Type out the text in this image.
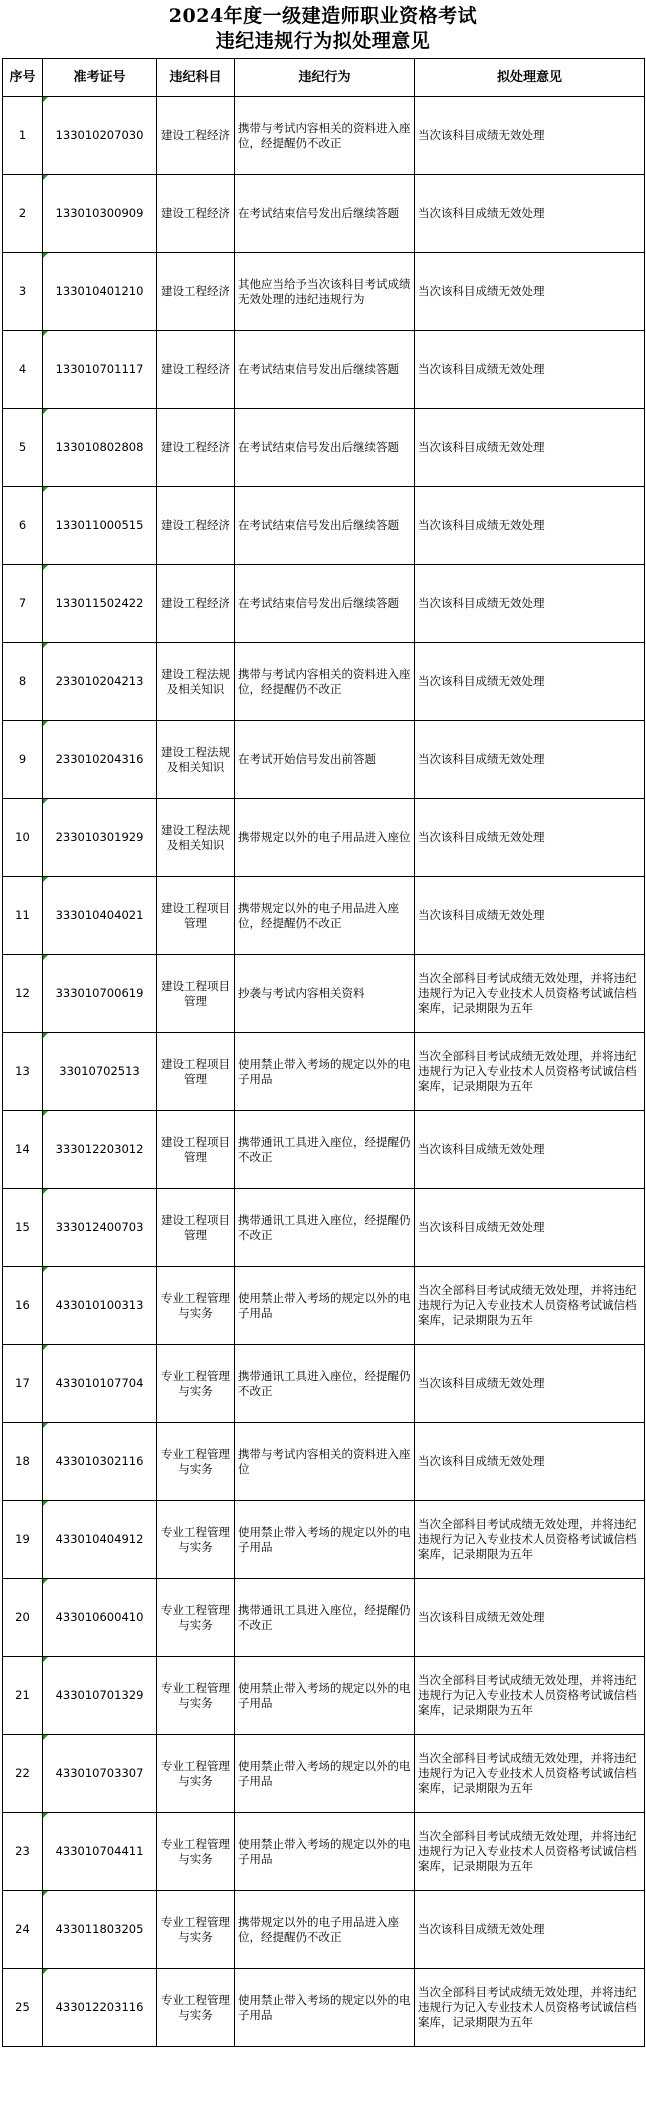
2024年度一级建造师职业资格考试
违纪违规行为拟处理意见
序号	准考证号	违纪科目	违纪行为	拟处理意见
1	133010207030	建设工程经济	携带与考试内容相关的资料进入座位，经提醒仍不改正	当次该科目成绩无效处理
2	133010300909	建设工程经济	在考试结束信号发出后继续答题	当次该科目成绩无效处理
3	133010401210	建设工程经济	其他应当给予当次该科目考试成绩无效处理的违纪违规行为	当次该科目成绩无效处理
4	133010701117	建设工程经济	在考试结束信号发出后继续答题	当次该科目成绩无效处理
5	133010802808	建设工程经济	在考试结束信号发出后继续答题	当次该科目成绩无效处理
6	133011000515	建设工程经济	在考试结束信号发出后继续答题	当次该科目成绩无效处理
7	133011502422	建设工程经济	在考试结束信号发出后继续答题	当次该科目成绩无效处理
8	233010204213	建设工程法规及相关知识	携带与考试内容相关的资料进入座位，经提醒仍不改正	当次该科目成绩无效处理
9	233010204316	建设工程法规及相关知识	在考试开始信号发出前答题	当次该科目成绩无效处理
10	233010301929	建设工程法规及相关知识	携带规定以外的电子用品进入座位	当次该科目成绩无效处理
11	333010404021	建设工程项目管理	携带规定以外的电子用品进入座位，经提醒仍不改正	当次该科目成绩无效处理
12	333010700619	建设工程项目管理	抄袭与考试内容相关资料	当次全部科目考试成绩无效处理，并将违纪违规行为记入专业技术人员资格考试诚信档案库，记录期限为五年
13	33010702513	建设工程项目管理	使用禁止带入考场的规定以外的电子用品	当次全部科目考试成绩无效处理，并将违纪违规行为记入专业技术人员资格考试诚信档案库，记录期限为五年
14	333012203012	建设工程项目管理	携带通讯工具进入座位，经提醒仍不改正	当次该科目成绩无效处理
15	333012400703	建设工程项目管理	携带通讯工具进入座位，经提醒仍不改正	当次该科目成绩无效处理
16	433010100313	专业工程管理与实务	使用禁止带入考场的规定以外的电子用品	当次全部科目考试成绩无效处理，并将违纪违规行为记入专业技术人员资格考试诚信档案库，记录期限为五年
17	433010107704	专业工程管理与实务	携带通讯工具进入座位，经提醒仍不改正	当次该科目成绩无效处理
18	433010302116	专业工程管理与实务	携带与考试内容相关的资料进入座位	当次该科目成绩无效处理
19	433010404912	专业工程管理与实务	使用禁止带入考场的规定以外的电子用品	当次全部科目考试成绩无效处理，并将违纪违规行为记入专业技术人员资格考试诚信档案库，记录期限为五年
20	433010600410	专业工程管理与实务	携带通讯工具进入座位，经提醒仍不改正	当次该科目成绩无效处理
21	433010701329	专业工程管理与实务	使用禁止带入考场的规定以外的电子用品	当次全部科目考试成绩无效处理，并将违纪违规行为记入专业技术人员资格考试诚信档案库，记录期限为五年
22	433010703307	专业工程管理与实务	使用禁止带入考场的规定以外的电子用品	当次全部科目考试成绩无效处理，并将违纪违规行为记入专业技术人员资格考试诚信档案库，记录期限为五年
23	433010704411	专业工程管理与实务	使用禁止带入考场的规定以外的电子用品	当次全部科目考试成绩无效处理，并将违纪违规行为记入专业技术人员资格考试诚信档案库，记录期限为五年
24	433011803205	专业工程管理与实务	携带规定以外的电子用品进入座位，经提醒仍不改正	当次该科目成绩无效处理
25	433012203116	专业工程管理与实务	使用禁止带入考场的规定以外的电子用品	当次全部科目考试成绩无效处理，并将违纪违规行为记入专业技术人员资格考试诚信档案库，记录期限为五年
